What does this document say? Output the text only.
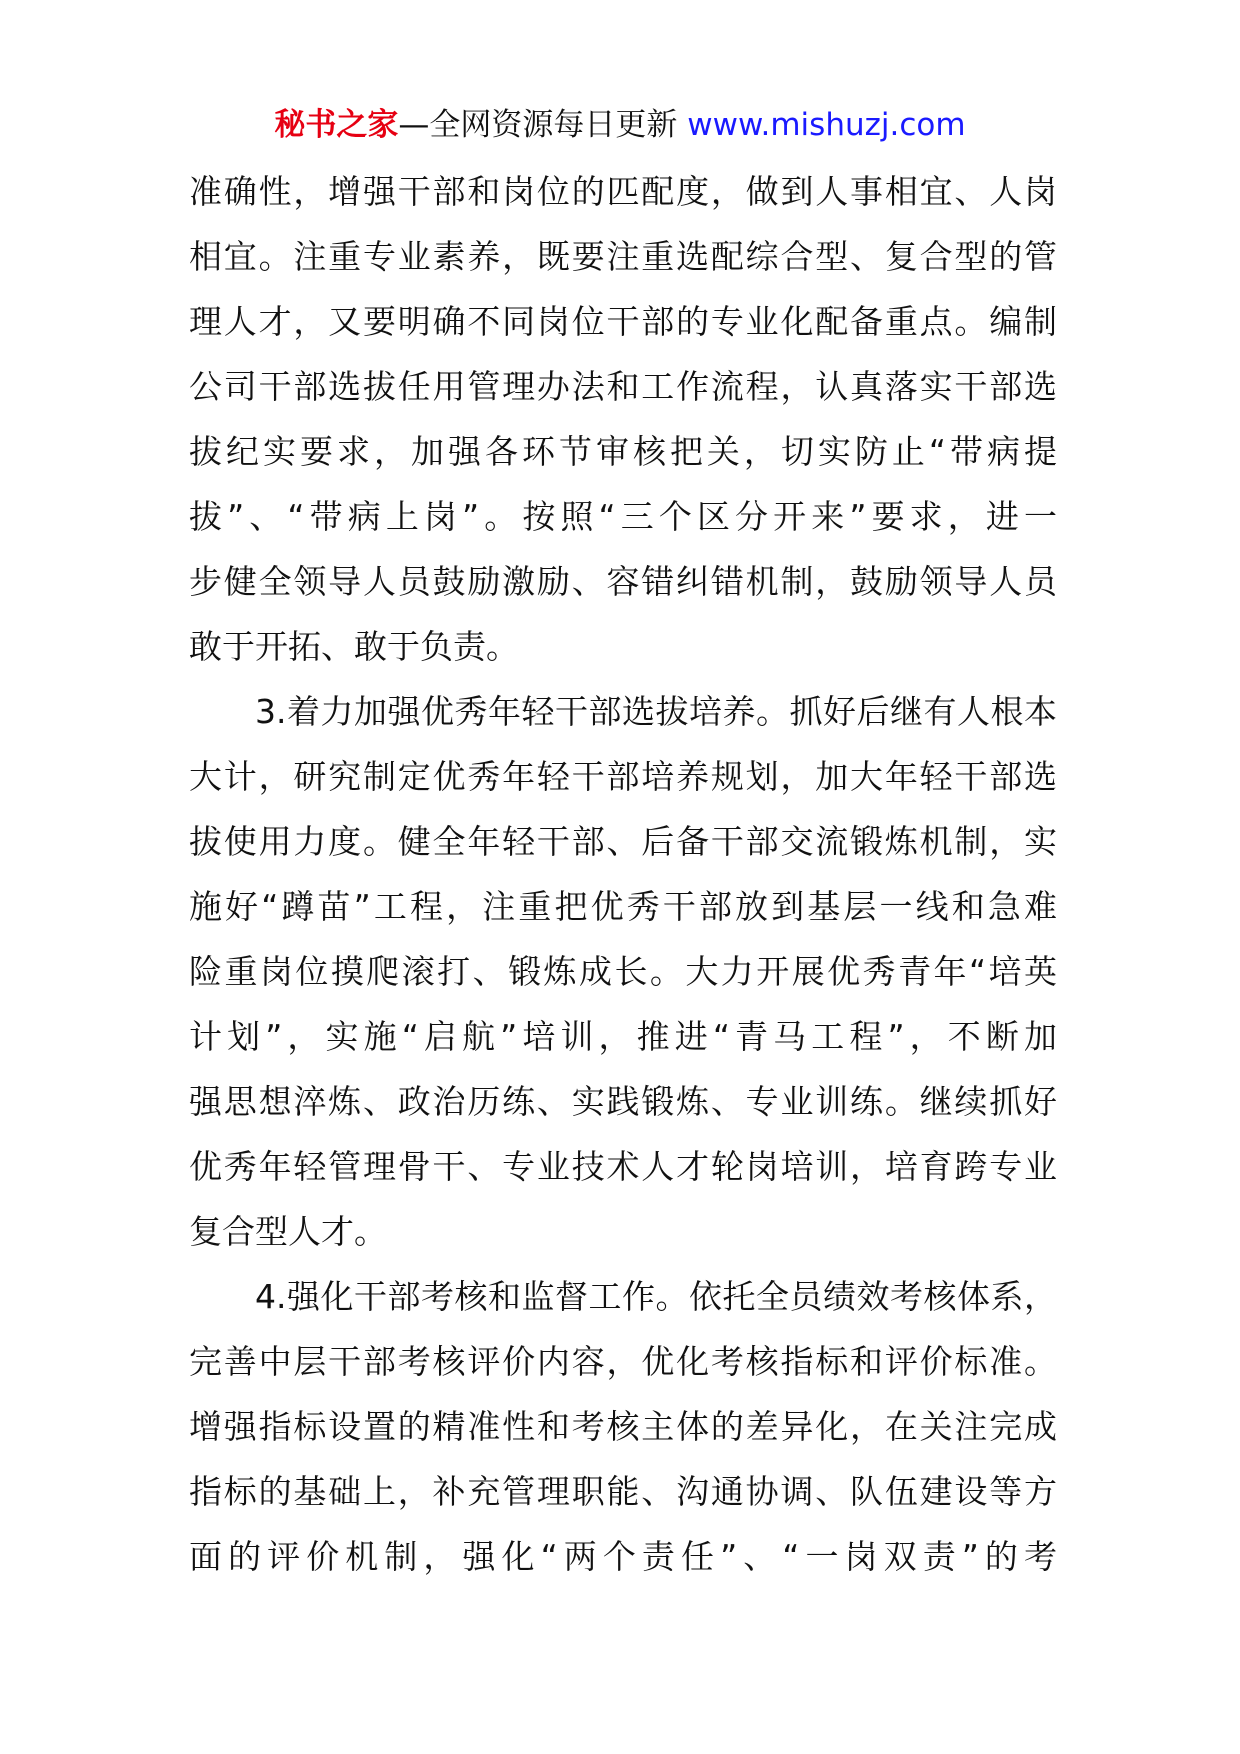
秘书之家—全网资源每日更新 www.mishuzj.com
准确性，增强干部和岗位的匹配度，做到人事相宜、人岗
相宜。注重专业素养，既要注重选配综合型、复合型的管
理人才，又要明确不同岗位干部的专业化配备重点。编制
公司干部选拔任用管理办法和工作流程，认真落实干部选
拔纪实要求，加强各环节审核把关，切实防止“带病提
拔”、“带病上岗”。按照“三个区分开来”要求，进一
步健全领导人员鼓励激励、容错纠错机制，鼓励领导人员
敢于开拓、敢于负责。
3.着力加强优秀年轻干部选拔培养。抓好后继有人根本
大计，研究制定优秀年轻干部培养规划，加大年轻干部选
拔使用力度。健全年轻干部、后备干部交流锻炼机制，实
施好“蹲苗”工程，注重把优秀干部放到基层一线和急难
险重岗位摸爬滚打、锻炼成长。大力开展优秀青年“培英
计划”，实施“启航”培训，推进“青马工程”，不断加
强思想淬炼、政治历练、实践锻炼、专业训练。继续抓好
优秀年轻管理骨干、专业技术人才轮岗培训，培育跨专业
复合型人才。
4.强化干部考核和监督工作。依托全员绩效考核体系，
完善中层干部考核评价内容，优化考核指标和评价标准。
增强指标设置的精准性和考核主体的差异化，在关注完成
指标的基础上，补充管理职能、沟通协调、队伍建设等方
面的评价机制，强化“两个责任”、“一岗双责”的考
